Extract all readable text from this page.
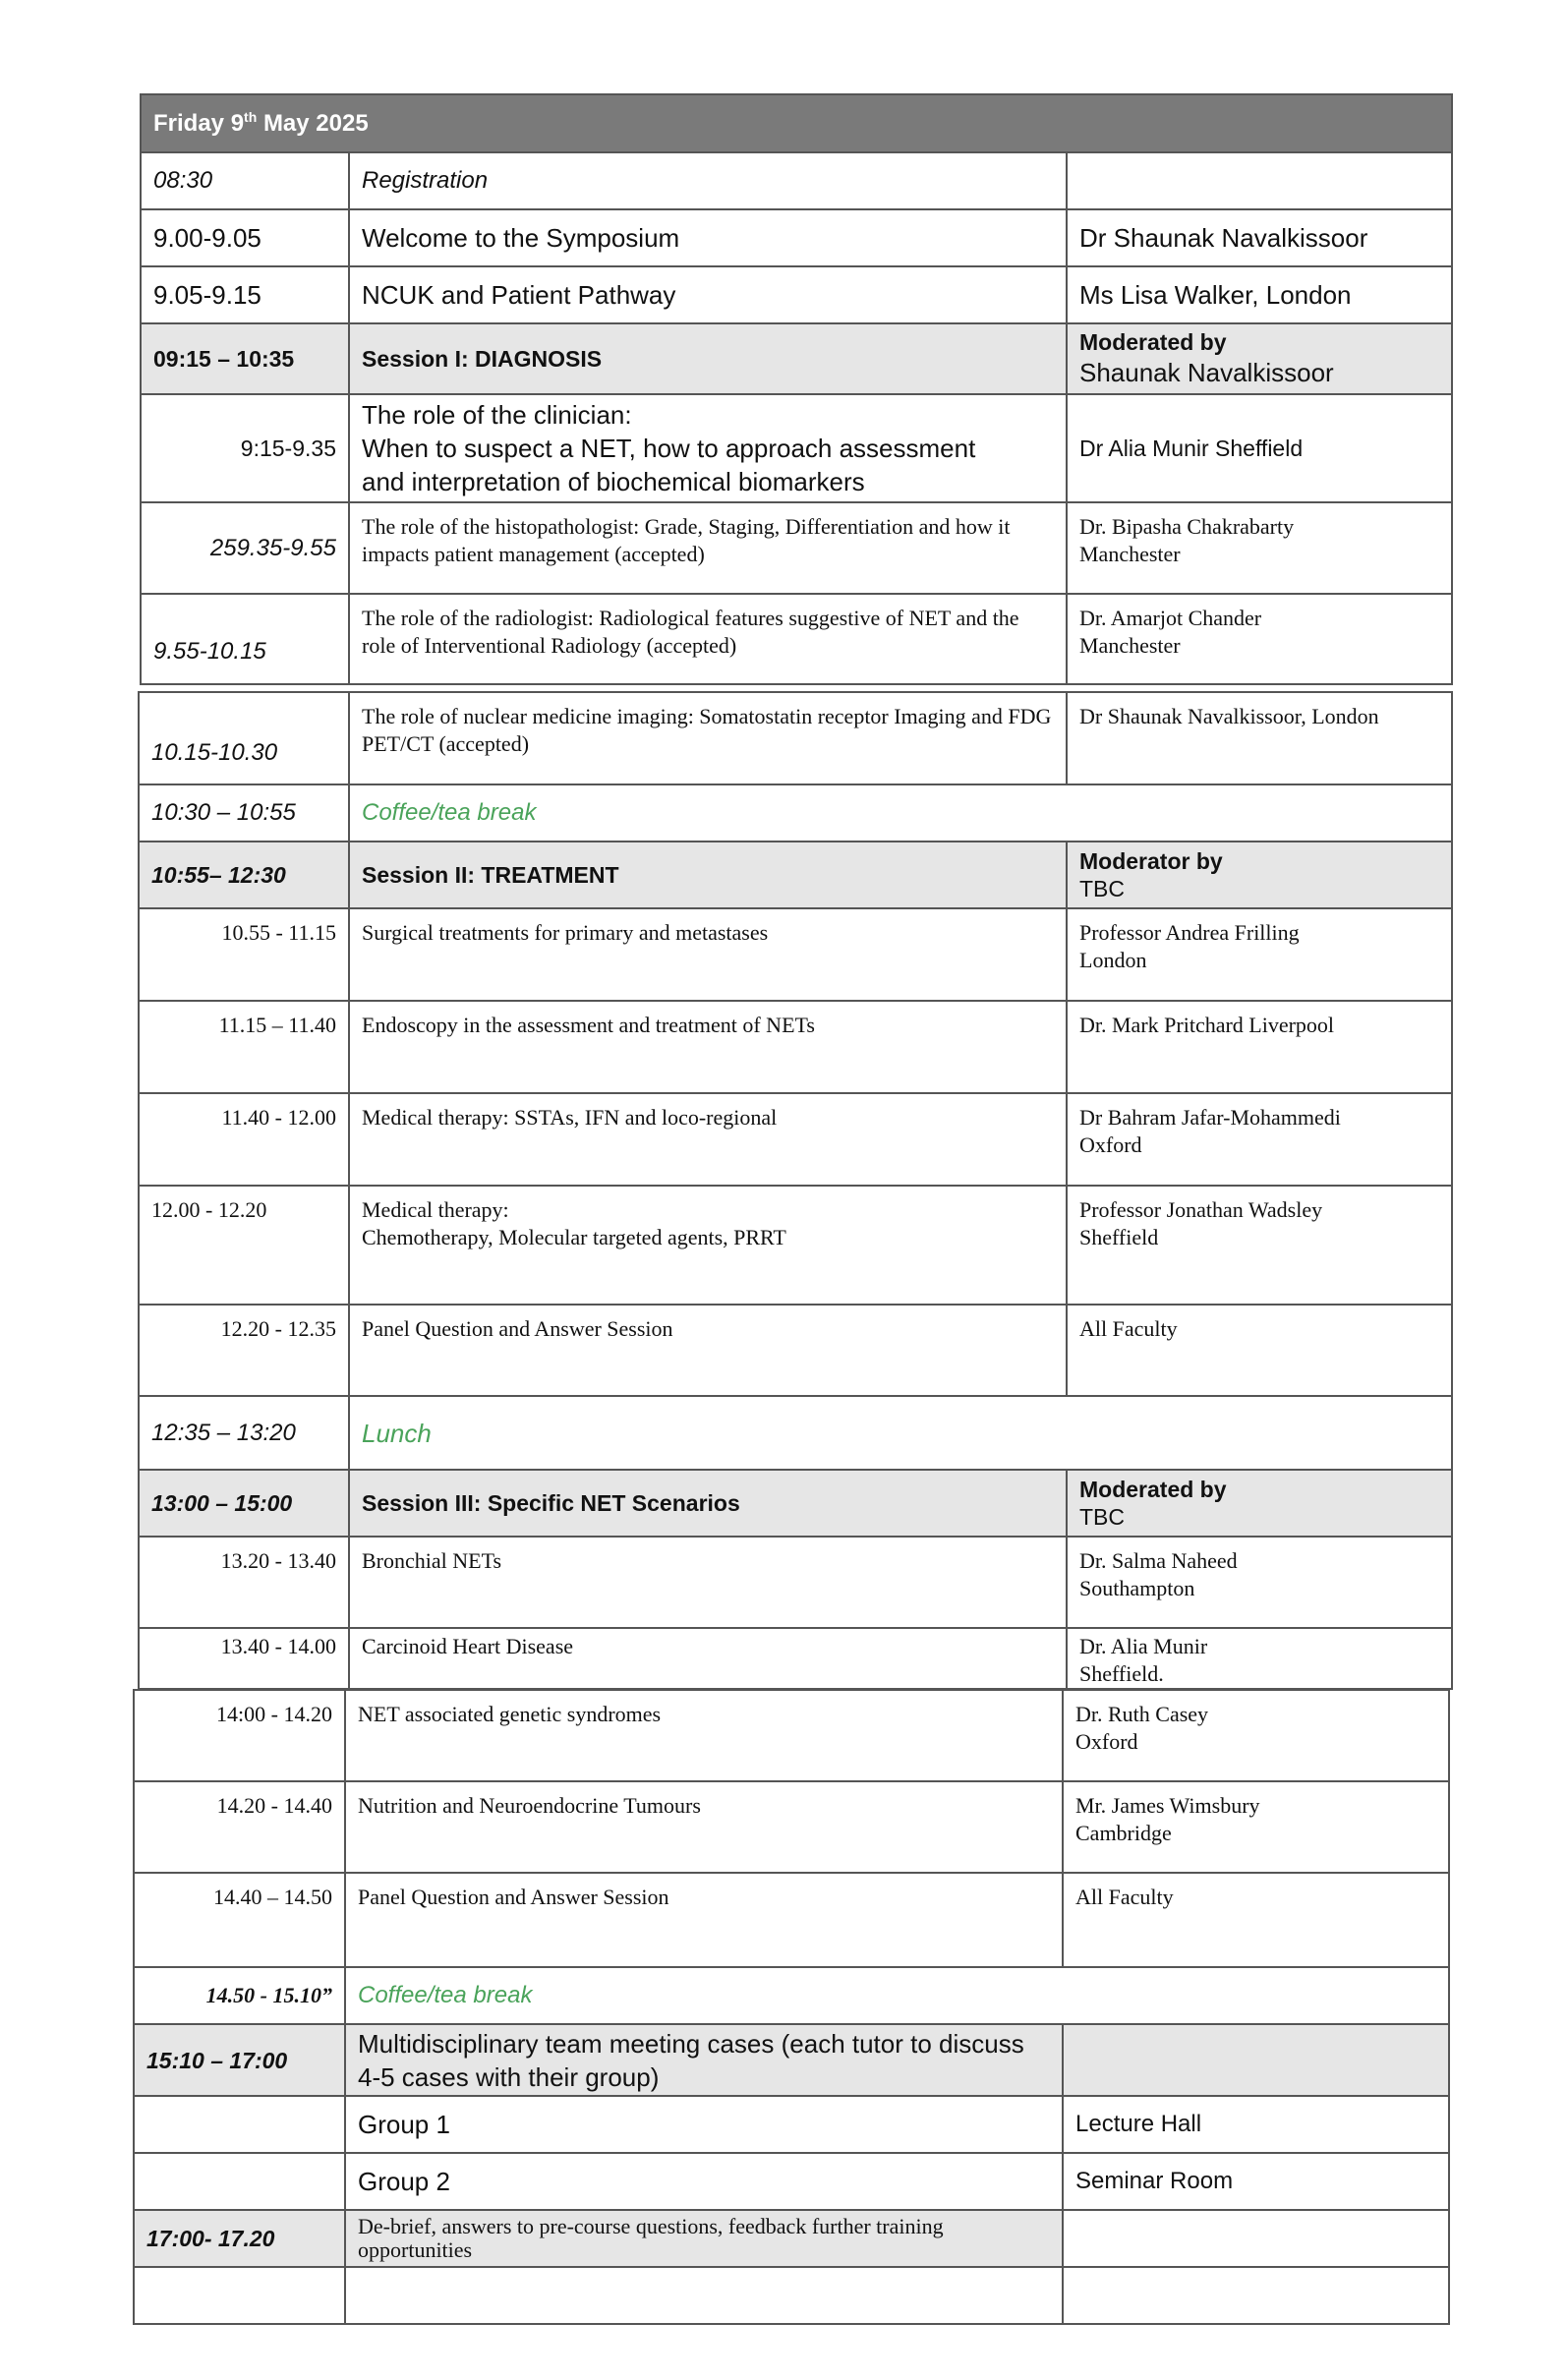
Friday 9th May 2025		
08:30	Registration	
9.00-9.05	Welcome to the Symposium	Dr Shaunak Navalkissoor
9.05-9.15	NCUK and Patient Pathway	Ms Lisa Walker, London
09:15 – 10:35	Session I: DIAGNOSIS	Moderated by
Shaunak Navalkissoor

9:15-9.35	The role of the clinician:
When to suspect a NET, how to approach assessment
and interpretation of biochemical biomarkers	Dr Alia Munir Sheffield
259.35-9.55	The role of the histopathologist: Grade, Staging, Differentiation and how it impacts patient management (accepted)	Dr. Bipasha Chakrabarty
Manchester

9.55-10.15	The role of the radiologist: Radiological features suggestive of NET and the role of Interventional Radiology (accepted)	Dr. Amarjot Chander
Manchester
10.15-10.30	The role of nuclear medicine imaging: Somatostatin receptor Imaging and FDG PET/CT (accepted)	Dr Shaunak Navalkissoor, London
10:30 – 10:55	Coffee/tea break	
10:55– 12:30	Session II: TREATMENT	Moderator by
TBC

10.55 - 11.15	Surgical treatments for primary and metastases	Professor Andrea Frilling
London

11.15 – 11.40	Endoscopy in the assessment and treatment of NETs	Dr. Mark Pritchard Liverpool

11.40 - 12.00	Medical therapy: SSTAs, IFN and loco-regional	Dr Bahram Jafar-Mohammedi
Oxford

12.00 - 12.20	Medical therapy:
Chemotherapy, Molecular targeted agents, PRRT	Professor Jonathan Wadsley
Sheffield

12.20 - 12.35	Panel Question and Answer Session	All Faculty

12:35 – 13:20	Lunch	
13:00 – 15:00	Session III: Specific NET Scenarios	Moderated by
TBC

13.20 - 13.40	Bronchial NETs	Dr. Salma Naheed
Southampton

13.40 - 14.00	Carcinoid Heart Disease	Dr. Alia Munir
Sheffield.
14:00 - 14.20	NET associated genetic syndromes	Dr. Ruth Casey
Oxford

14.20 - 14.40	Nutrition and Neuroendocrine Tumours	Mr. James Wimsbury
Cambridge

14.40 – 14.50	Panel Question and Answer Session	All Faculty

14.50 - 15.10”	Coffee/tea break	
15:10 – 17:00	Multidisciplinary team meeting cases (each tutor to discuss 4-5 cases with their group)	
	Group 1	Lecture Hall
	Group 2	Seminar Room
17:00- 17.20	De-brief, answers to pre-course questions, feedback further training opportunities	
